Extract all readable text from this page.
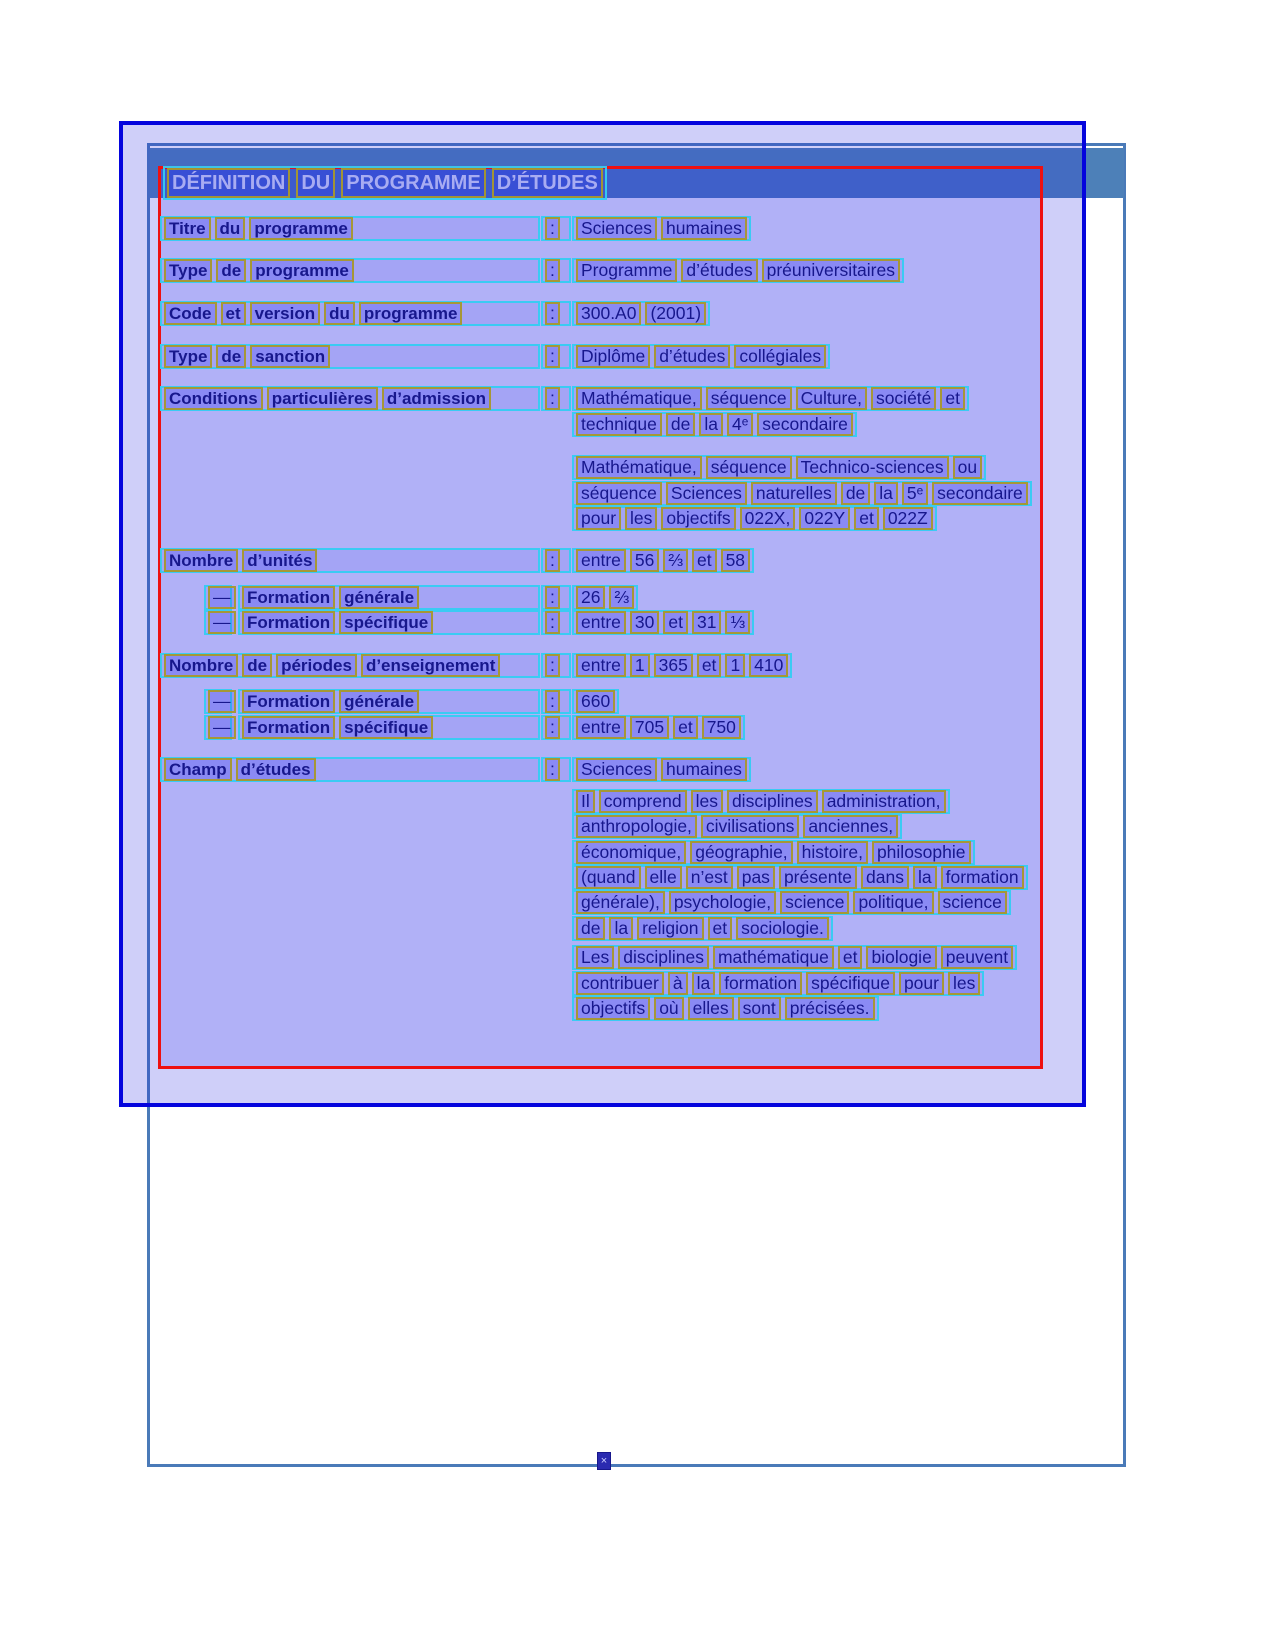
DÉFINITION DU PROGRAMME D’ÉTUDES
Titre du programme	: Sciences humaines
Type de programme	: Programme d’études préuniversitaires
Code et version du programme	: 300.A0 (2001)
Type de sanction	: Diplôme d’études collégiales
Conditions particulières d’admission	: Mathématique, séquence Culture, société et
technique de la 4ᵉ secondaire
Mathématique, séquence Technico-sciences ou
séquence Sciences naturelles de la 5ᵉ secondaire
pour les objectifs 022X, 022Y et 022Z
Nombre d’unités	: entre 56 ⅔ et 58
— Formation générale	: 26 ⅔
— Formation spécifique	: entre 30 et 31 ⅓
Nombre de périodes d’enseignement	: entre 1 365 et 1 410
— Formation générale	: 660
— Formation spécifique	: entre 705 et 750
Champ d’études	: Sciences humaines
Il comprend les disciplines administration,
anthropologie, civilisations anciennes,
économique, géographie, histoire, philosophie
(quand elle n’est pas présente dans la formation
générale), psychologie, science politique, science
de la religion et sociologie.
Les disciplines mathématique et biologie peuvent
contribuer à la formation spécifique pour les
objectifs où elles sont précisées.
×
